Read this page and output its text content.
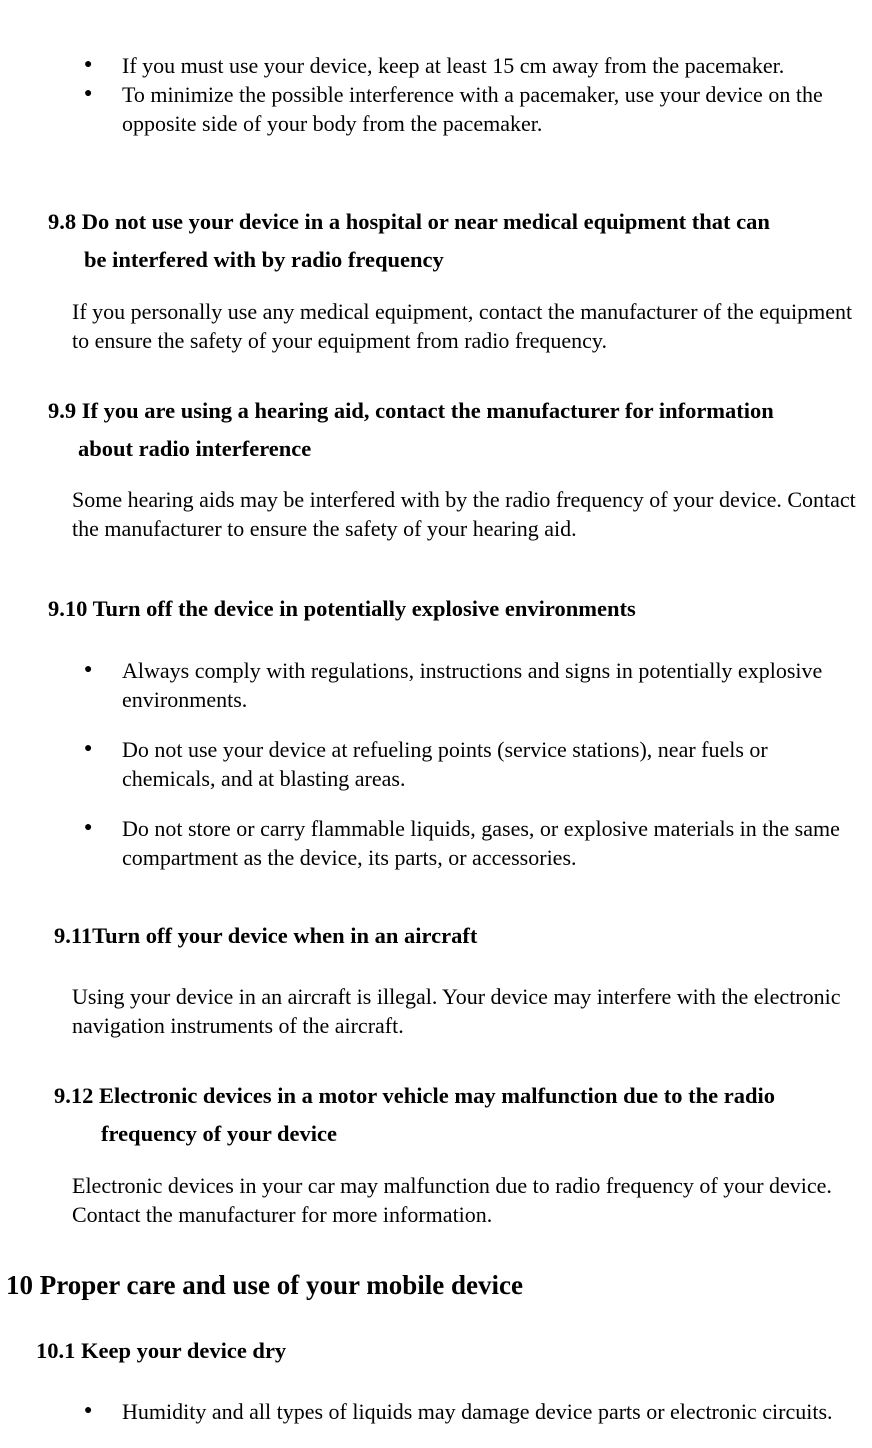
● If you must use your device, keep at least 15 cm away from the pacemaker.
● To minimize the possible interference with a pacemaker, use your device on the opposite side of your body from the pacemaker.
9.8 Do not use your device in a hospital or near medical equipment that can
be interfered with by radio frequency
If you personally use any medical equipment, contact the manufacturer of the equipment to ensure the safety of your equipment from radio frequency.
9.9 If you are using a hearing aid, contact the manufacturer for information
about radio interference
Some hearing aids may be interfered with by the radio frequency of your device. Contact the manufacturer to ensure the safety of your hearing aid.
9.10 Turn off the device in potentially explosive environments
● Always comply with regulations, instructions and signs in potentially explosive environments.
● Do not use your device at refueling points (service stations), near fuels or chemicals, and at blasting areas.
● Do not store or carry flammable liquids, gases, or explosive materials in the same compartment as the device, its parts, or accessories.
9.11Turn off your device when in an aircraft
Using your device in an aircraft is illegal. Your device may interfere with the electronic navigation instruments of the aircraft.
9.12 Electronic devices in a motor vehicle may malfunction due to the radio
frequency of your device
Electronic devices in your car may malfunction due to radio frequency of your device. Contact the manufacturer for more information.
10 Proper care and use of your mobile device
10.1 Keep your device dry
● Humidity and all types of liquids may damage device parts or electronic circuits.
